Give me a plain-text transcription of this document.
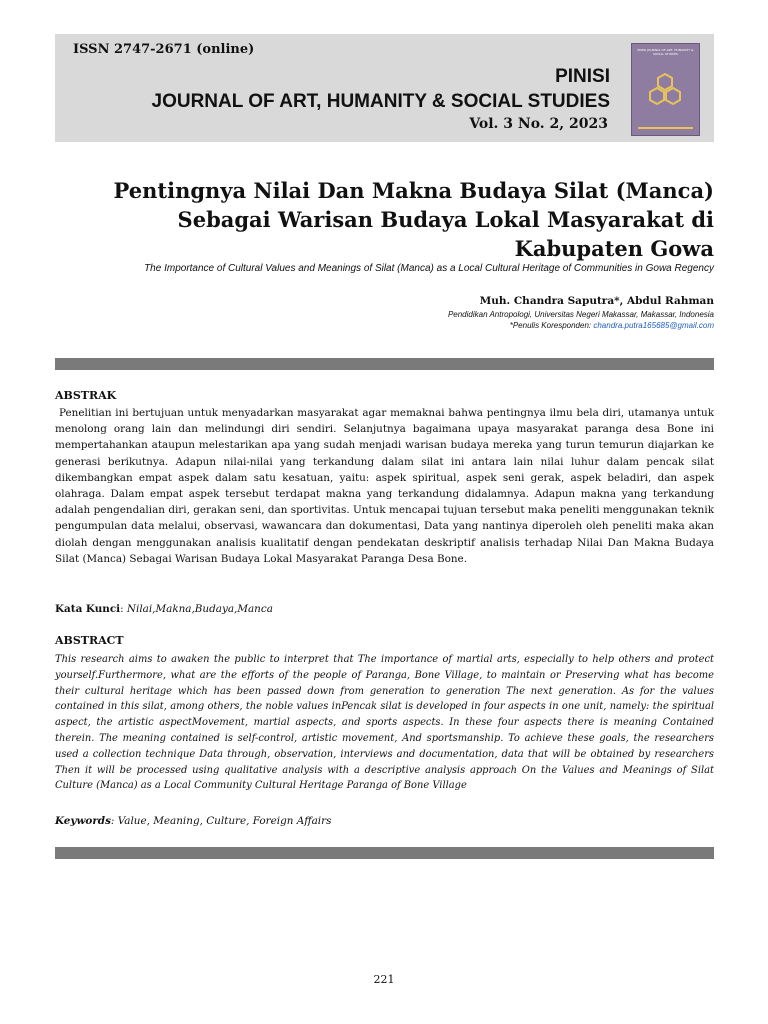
ISSN 2747-2671 (online)
PINISI
JOURNAL OF ART, HUMANITY & SOCIAL STUDIES
Vol. 3 No. 2, 2023
PINISI JOURNAL OF ART, HUMANITY & SOCIAL STUDIES
Pentingnya Nilai Dan Makna Budaya Silat (Manca) Sebagai Warisan Budaya Lokal Masyarakat di Kabupaten Gowa
The Importance of Cultural Values and Meanings of Silat (Manca) as a Local Cultural Heritage of Communities in Gowa Regency
Muh. Chandra Saputra*, Abdul Rahman
Pendidikan Antropologi, Universitas Negeri Makassar, Makassar, Indonesia
*Penulis Koresponden: chandra.putra165685@gmail.com
ABSTRAK
Penelitian ini bertujuan untuk menyadarkan masyarakat agar memaknai bahwa pentingnya ilmu bela diri, utamanya untuk menolong orang lain dan melindungi diri sendiri. Selanjutnya bagaimana upaya masyarakat paranga desa Bone ini mempertahankan ataupun melestarikan apa yang sudah menjadi warisan budaya mereka yang turun temurun diajarkan ke generasi berikutnya. Adapun nilai-nilai yang terkandung dalam silat ini antara lain nilai luhur dalam pencak silat dikembangkan empat aspek dalam satu kesatuan, yaitu: aspek spiritual, aspek seni gerak, aspek beladiri, dan aspek olahraga. Dalam empat aspek tersebut terdapat makna yang terkandung didalamnya. Adapun makna yang terkandung adalah pengendalian diri, gerakan seni, dan sportivitas. Untuk mencapai tujuan tersebut maka peneliti menggunakan teknik pengumpulan data melalui, observasi, wawancara dan dokumentasi, Data yang nantinya diperoleh oleh peneliti maka akan diolah dengan menggunakan analisis kualitatif dengan pendekatan deskriptif analisis terhadap Nilai Dan Makna Budaya Silat (Manca) Sebagai Warisan Budaya Lokal Masyarakat Paranga Desa Bone.
Kata Kunci: Nilai,Makna,Budaya,Manca
ABSTRACT
This research aims to awaken the public to interpret that The importance of martial arts, especially to help others and protect yourself.Furthermore, what are the efforts of the people of Paranga, Bone Village, to maintain or Preserving what has become their cultural heritage which has been passed down from generation to generation The next generation. As for the values contained in this silat, among others, the noble values inPencak silat is developed in four aspects in one unit, namely: the spiritual aspect, the artistic aspectMovement, martial aspects, and sports aspects. In these four aspects there is meaning Contained therein. The meaning contained is self-control, artistic movement, And sportsmanship. To achieve these goals, the researchers used a collection technique Data through, observation, interviews and documentation, data that will be obtained by researchers Then it will be processed using qualitative analysis with a descriptive analysis approach On the Values and Meanings of Silat Culture (Manca) as a Local Community Cultural Heritage Paranga of Bone Village
Keywords: Value, Meaning, Culture, Foreign Affairs
221
